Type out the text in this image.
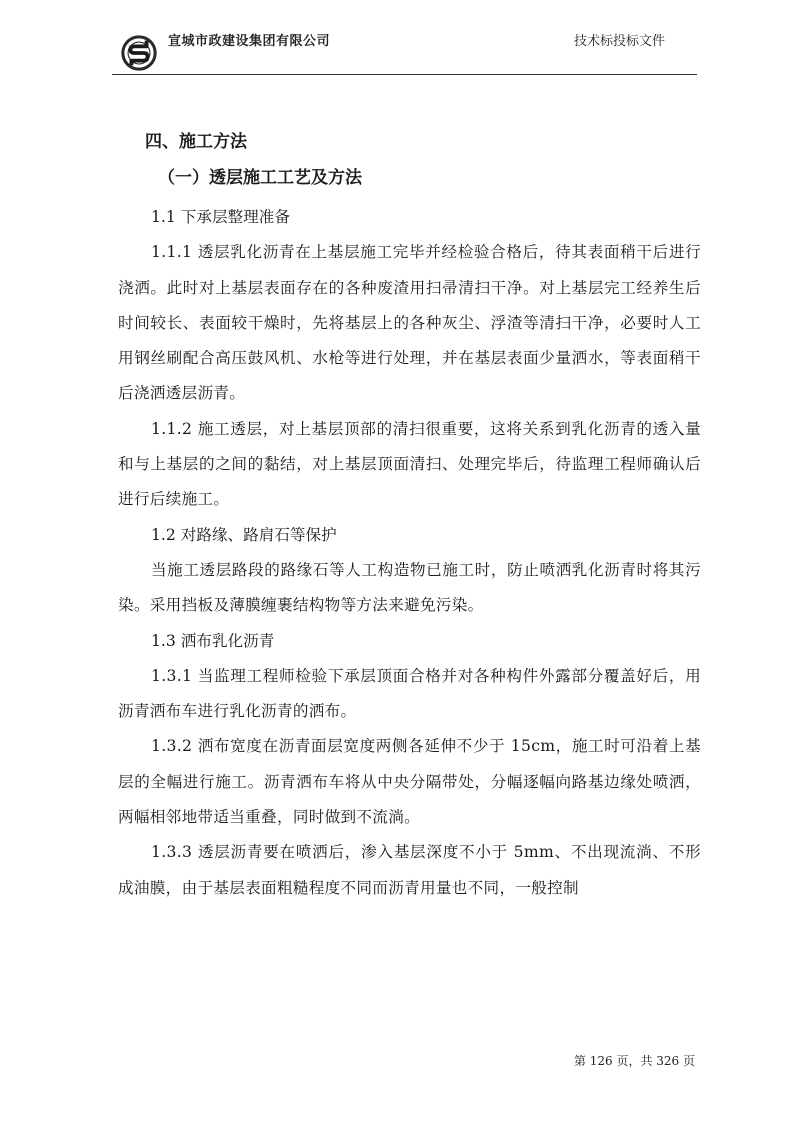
宣城市政建设集团有限公司	技术标投标文件
四、施工方法
（一）透层施工工艺及方法

1.1 下承层整理准备

1.1.1 透层乳化沥青在上基层施工完毕并经检验合格后，待其表面稍干后进行浇洒。此时对上基层表面存在的各种废渣用扫帚清扫干净。对上基层完工经养生后时间较长、表面较干燥时，先将基层上的各种灰尘、浮渣等清扫干净，必要时人工用钢丝刷配合高压鼓风机、水枪等进行处理，并在基层表面少量洒水，等表面稍干后浇洒透层沥青。

1.1.2 施工透层，对上基层顶部的清扫很重要，这将关系到乳化沥青的透入量和与上基层的之间的黏结，对上基层顶面清扫、处理完毕后，待监理工程师确认后进行后续施工。

1.2 对路缘、路肩石等保护

当施工透层路段的路缘石等人工构造物已施工时，防止喷洒乳化沥青时将其污染。采用挡板及薄膜缠裹结构物等方法来避免污染。

1.3 洒布乳化沥青

1.3.1 当监理工程师检验下承层顶面合格并对各种构件外露部分覆盖好后，用沥青洒布车进行乳化沥青的洒布。

1.3.2 洒布宽度在沥青面层宽度两侧各延伸不少于 15cm，施工时可沿着上基层的全幅进行施工。沥青洒布车将从中央分隔带处，分幅逐幅向路基边缘处喷洒，两幅相邻地带适当重叠，同时做到不流淌。

1.3.3 透层沥青要在喷洒后，渗入基层深度不小于 5mm、不出现流淌、不形成油膜，由于基层表面粗糙程度不同而沥青用量也不同，一般控制

第 126 页，共 326 页
